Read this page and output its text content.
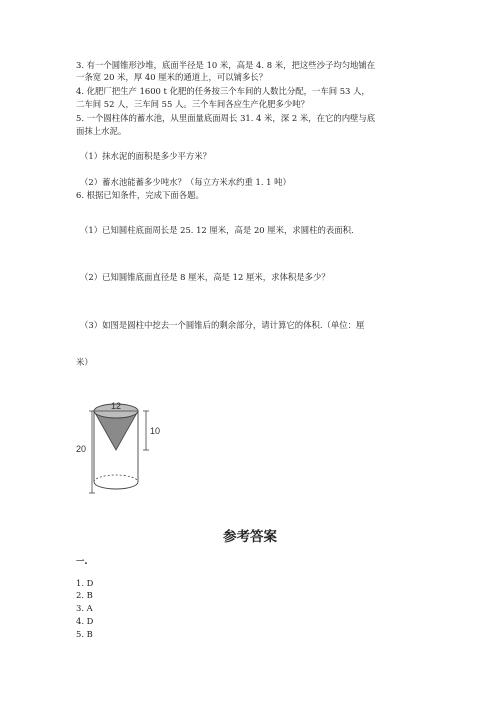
3. 有一个圆锥形沙堆，底面半径是 10 米，高是 4. 8 米，把这些沙子均匀地铺在
一条宽 20 米，厚 40 厘米的通道上，可以铺多长？
4. 化肥厂把生产 1600 t 化肥的任务按三个车间的人数比分配，一车间 53 人，
二车间 52 人，三车间 55 人。三个车间各应生产化肥多少吨？
5. 一个圆柱体的蓄水池，从里面量底面周长 31. 4 米，深 2 米，在它的内壁与底
面抹上水泥。
（1）抹水泥的面积是多少平方米？
（2）蓄水池能蓄多少吨水？（每立方米水约重 1. 1 吨）
6. 根据已知条件，完成下面各题。
（1）已知圆柱底面周长是 25. 12 厘米，高是 20 厘米，求圆柱的表面积.
（2）已知圆锥底面直径是 8 厘米，高是 12 厘米，求体积是多少？
（3）如图是圆柱中挖去一个圆锥后的剩余部分，请计算它的体积.（单位：厘
米）
20
12
10
参考答案
一.
1. D
2. B
3. A
4. D
5. B
